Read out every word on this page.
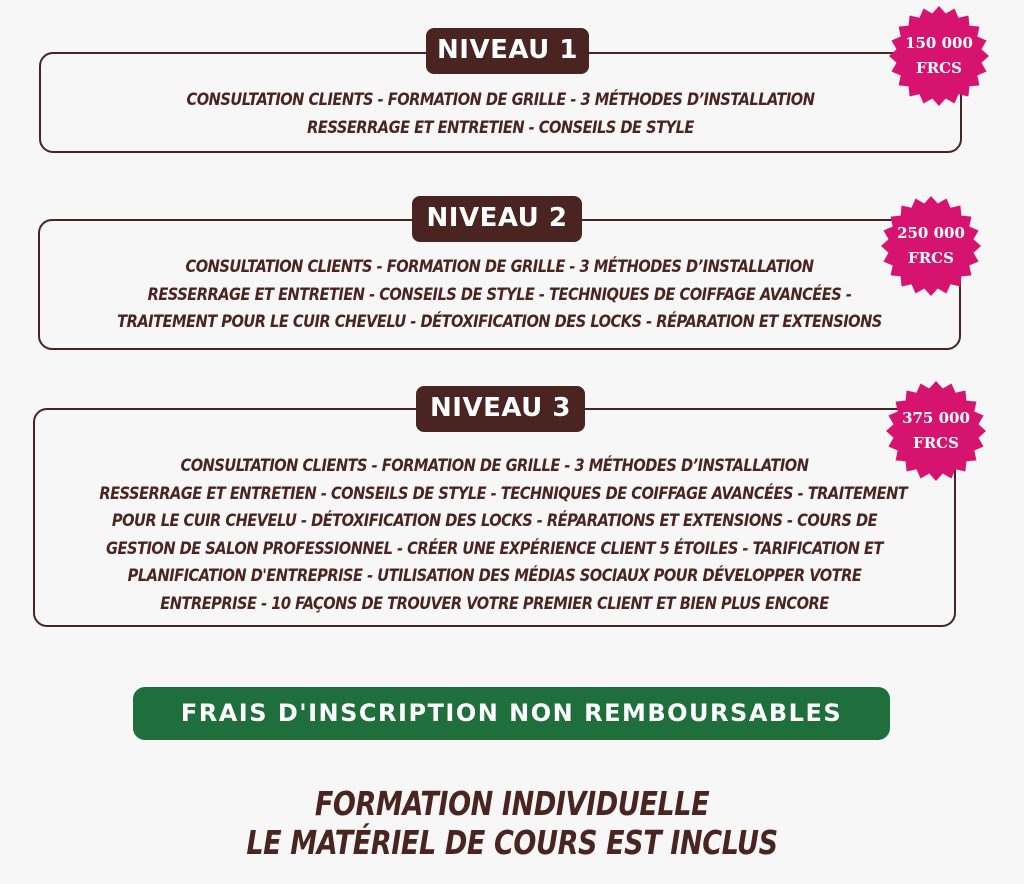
CONSULTATION CLIENTS - FORMATION DE GRILLE - 3 MÉTHODES D’INSTALLATION
RESSERRAGE ET ENTRETIEN - CONSEILS DE STYLE
NIVEAU 1
CONSULTATION CLIENTS - FORMATION DE GRILLE - 3 MÉTHODES D’INSTALLATION
RESSERRAGE ET ENTRETIEN - CONSEILS DE STYLE - TECHNIQUES DE COIFFAGE AVANCÉES -
TRAITEMENT POUR LE CUIR CHEVELU - DÉTOXIFICATION DES LOCKS - RÉPARATION ET EXTENSIONS
NIVEAU 2
CONSULTATION CLIENTS - FORMATION DE GRILLE - 3 MÉTHODES D’INSTALLATION
RESSERRAGE ET ENTRETIEN - CONSEILS DE STYLE - TECHNIQUES DE COIFFAGE AVANCÉES - TRAITEMENT
POUR LE CUIR CHEVELU - DÉTOXIFICATION DES LOCKS - RÉPARATIONS ET EXTENSIONS - COURS DE
GESTION DE SALON PROFESSIONNEL - CRÉER UNE EXPÉRIENCE CLIENT 5 ÉTOILES - TARIFICATION ET
PLANIFICATION D'ENTREPRISE - UTILISATION DES MÉDIAS SOCIAUX POUR DÉVELOPPER VOTRE
ENTREPRISE - 10 FAÇONS DE TROUVER VOTRE PREMIER CLIENT ET BIEN PLUS ENCORE
NIVEAU 3
150 000
FRCS
250 000
FRCS
375 000
FRCS
FRAIS D'INSCRIPTION NON REMBOURSABLES
FORMATION INDIVIDUELLE
LE MATÉRIEL DE COURS EST INCLUS
